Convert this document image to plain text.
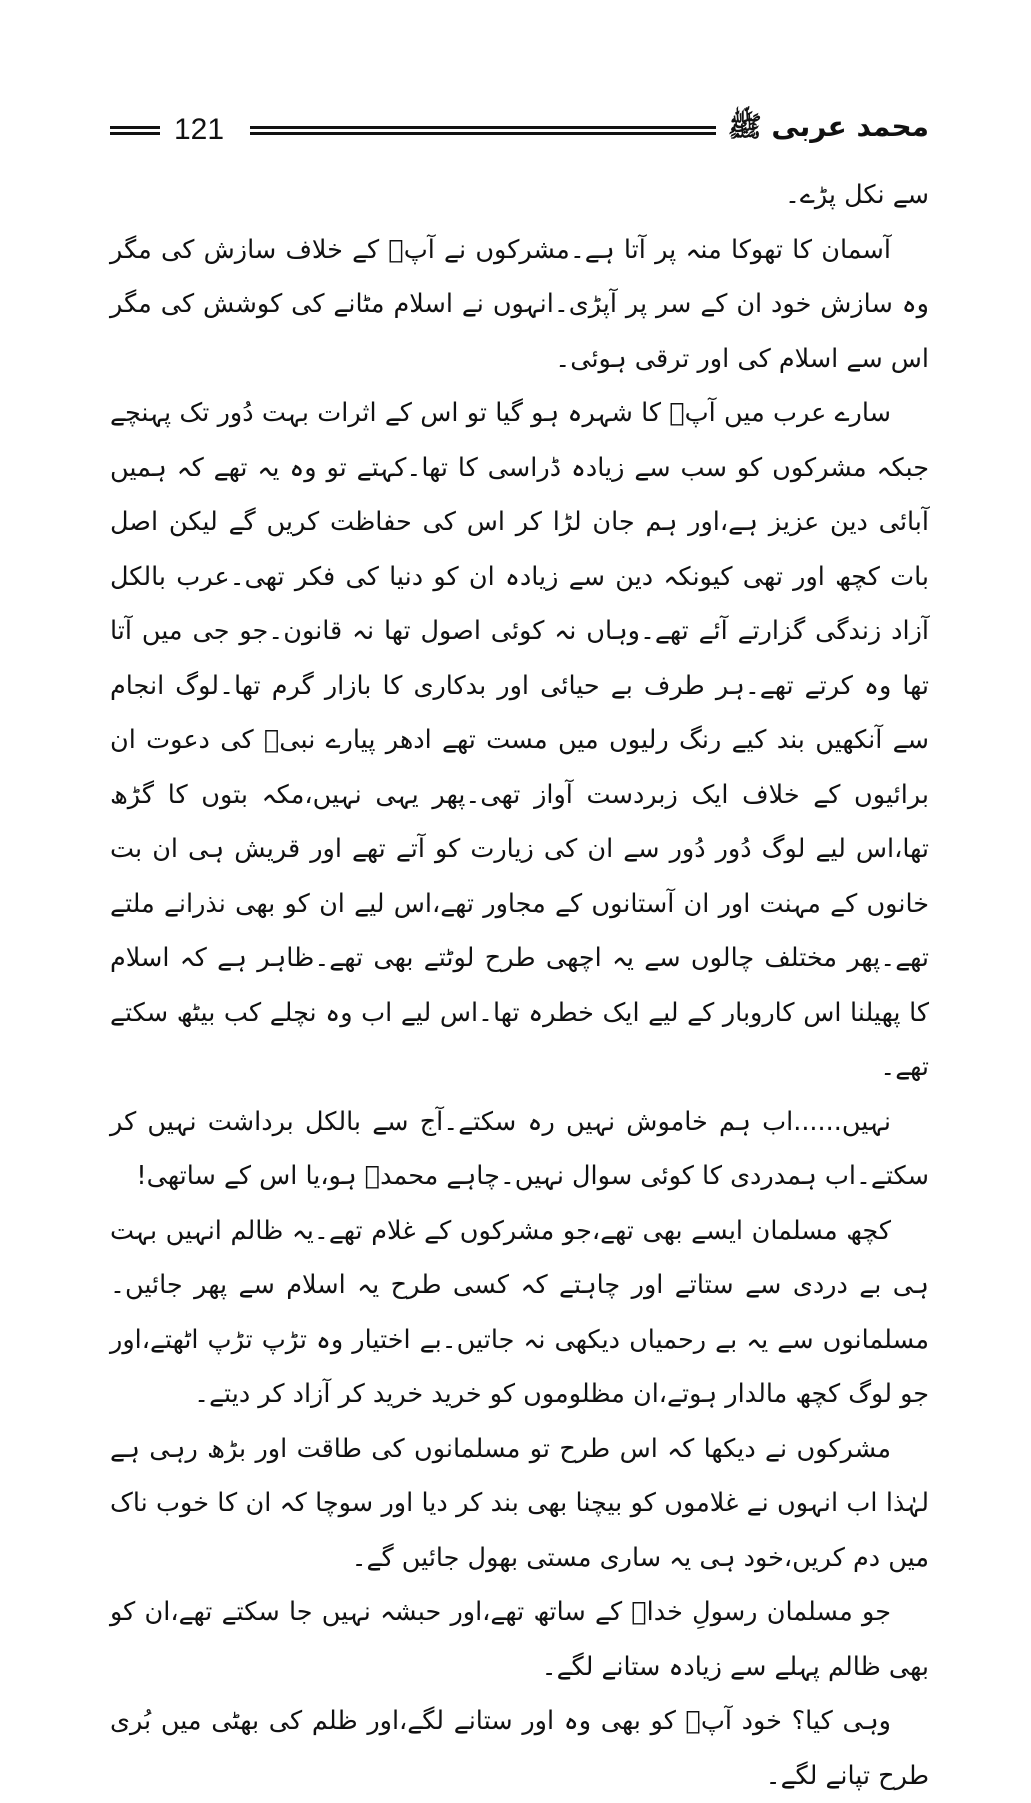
121	محمد عربی ﷺ

سے نکل پڑے۔

آسمان کا تھوکا منہ پر آتا ہے۔مشرکوں نے آپؐ کے خلاف سازش کی مگر وہ سازش خود ان کے سر پر آپڑی۔انہوں نے اسلام مٹانے کی کوشش کی مگر اس سے اسلام کی اور ترقی ہوئی۔

سارے عرب میں آپؐ کا شہرہ ہو گیا تو اس کے اثرات بہت دُور تک پہنچے جبکہ مشرکوں کو سب سے زیادہ ڈراسی کا تھا۔کہتے تو وہ یہ تھے کہ ہمیں آبائی دین عزیز ہے،اور ہم جان لڑا کر اس کی حفاظت کریں گے لیکن اصل بات کچھ اور تھی کیونکہ دین سے زیادہ ان کو دنیا کی فکر تھی۔عرب بالکل آزاد زندگی گزارتے آئے تھے۔وہاں نہ کوئی اصول تھا نہ قانون۔جو جی میں آتا تھا وہ کرتے تھے۔ہر طرف بے حیائی اور بدکاری کا بازار گرم تھا۔لوگ انجام سے آنکھیں بند کیے رنگ رلیوں میں مست تھے ادھر پیارے نبیؐ کی دعوت ان برائیوں کے خلاف ایک زبردست آواز تھی۔پھر یہی نہیں،مکہ بتوں کا گڑھ تھا،اس لیے لوگ دُور دُور سے ان کی زیارت کو آتے تھے اور قریش ہی ان بت خانوں کے مہنت اور ان آستانوں کے مجاور تھے،اس لیے ان کو بھی نذرانے ملتے تھے۔پھر مختلف چالوں سے یہ اچھی طرح لوٹتے بھی تھے۔ظاہر ہے کہ اسلام کا پھیلنا اس کاروبار کے لیے ایک خطرہ تھا۔اس لیے اب وہ نچلے کب بیٹھ سکتے تھے۔

نہیں......اب ہم خاموش نہیں رہ سکتے۔آج سے بالکل برداشت نہیں کر سکتے۔اب ہمدردی کا کوئی سوال نہیں۔چاہے محمدؐ ہو،یا اس کے ساتھی!

کچھ مسلمان ایسے بھی تھے،جو مشرکوں کے غلام تھے۔یہ ظالم انہیں بہت ہی بے دردی سے ستاتے اور چاہتے کہ کسی طرح یہ اسلام سے پھر جائیں۔مسلمانوں سے یہ بے رحمیاں دیکھی نہ جاتیں۔بے اختیار وہ تڑپ تڑپ اٹھتے،اور جو لوگ کچھ مالدار ہوتے،ان مظلوموں کو خرید خرید کر آزاد کر دیتے۔

مشرکوں نے دیکھا کہ اس طرح تو مسلمانوں کی طاقت اور بڑھ رہی ہے لہٰذا اب انہوں نے غلاموں کو بیچنا بھی بند کر دیا اور سوچا کہ ان کا خوب ناک میں دم کریں،خود ہی یہ ساری مستی بھول جائیں گے۔

جو مسلمان رسولِ خداؐ کے ساتھ تھے،اور حبشہ نہیں جا سکتے تھے،ان کو بھی ظالم پہلے سے زیادہ ستانے لگے۔

وہی کیا؟ خود آپؐ کو بھی وہ اور ستانے لگے،اور ظلم کی بھٹی میں بُری طرح تپانے لگے۔
